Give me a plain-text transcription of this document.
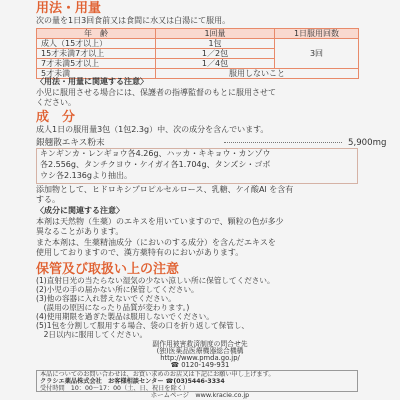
用法・用量

次の量を1日3回食前又は食間に水又は白湯にて服用。

年　齢	1回量	1日服用回数
成人（15才以上）	1包	3回
15才未満7才以上	1／2包	
7才未満5才以上	1／4包	
5才未満	服用しないこと	

〈用法・用量に関連する注意〉

小児に服用させる場合には、保護者の指導監督のもとに服用させて

ください。

成　分

成人1日の服用量3包（1包2.3g）中、次の成分を含んでいます。

銀翹散エキス粉末	5,900mg

キンギンカ・レンギョウ各4.26g、ハッカ・キキョウ・カンゾウ

各2.556g、タンチクヨウ・ケイガイ各1.704g、タンズシ・ゴボ

ウシ各2.136gより抽出。

添加物として、ヒドロキシプロピルセルロース、乳糖、ケイ酸Al を含有

する。

〈成分に関連する注意〉

本剤は天然物（生薬）のエキスを用いていますので、顆粒の色が多少

異なることがあります。

また本剤は、生薬精油成分（においのする成分）を含んだエキスを

使用しておりますので、漢方薬特有のにおいがあります。

(1)直射日光の当たらない湿気の少ない涼しい所に保管してください。

(2)小児の手の届かない所に保管してください。

(3)他の容器に入れ替えないでください。

　(誤用の原因になったり品質が変わります。)

(4)使用期限を過ぎた製品は服用しないでください。

(5)1包を分割して服用する場合、袋の口を折り返して保管し、

　2日以内に服用してください。

副作用被害救済制度の問合せ先

(独)医薬品医療機器総合機構

http://www.pmda.go.jp/

☎ 0120-149-931

本品についてのお問い合わせは、お買い求めのお店又は下記にお願い申し上げます。

クラシエ薬品株式会社　お客様相談センター ☎(03)5446-3334

受付時間　10：00～17：00（土、日、祝日を除く）

ホームページ　www.kracie.co.jp

保管及び取扱い上の注意
